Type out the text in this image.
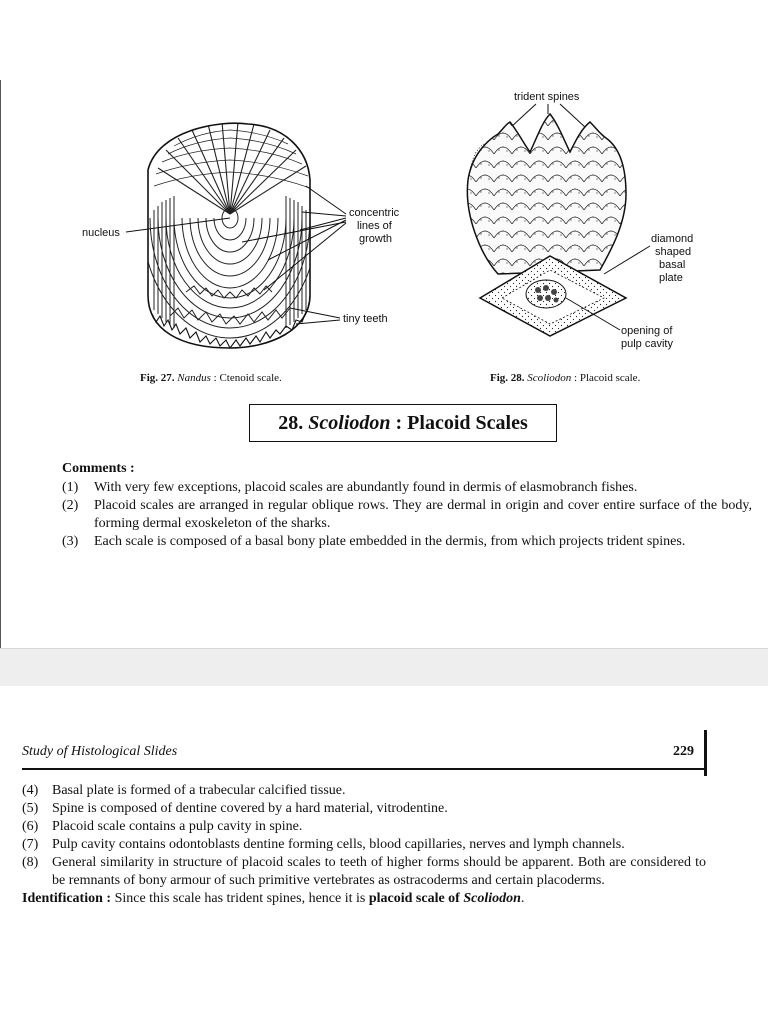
nucleus
concentric
lines of
growth
tiny teeth
trident spines
diamond
shaped
basal
plate
opening of
pulp cavity
Fig. 27. Nandus : Ctenoid scale.	Fig. 28. Scoliodon : Placoid scale.
28.
Scoliodon
: Placoid Scales
Comments :
(1)	With very few exceptions, placoid scales are abundantly found in dermis of elasmobranch fishes.
(2)	Placoid scales are arranged in regular oblique rows. They are dermal in origin and cover entire surface of the body, forming dermal exoskeleton of the sharks.
(3)	Each scale is composed of a basal bony plate embedded in the dermis, from which projects trident spines.
Study of Histological Slides	229
(4) Basal plate is formed of a trabecular calcified tissue.
(5) Spine is composed of dentine covered by a hard material, vitrodentine.
(6) Placoid scale contains a pulp cavity in spine.
(7) Pulp cavity contains odontoblasts dentine forming cells, blood capillaries, nerves and lymph channels.
(8) General similarity in structure of placoid scales to teeth of higher forms should be apparent. Both are considered to be remnants of bony armour of such primitive vertebrates as ostracoderms and certain placoderms.
Identification : Since this scale has trident spines, hence it is placoid scale of Scoliodon.
